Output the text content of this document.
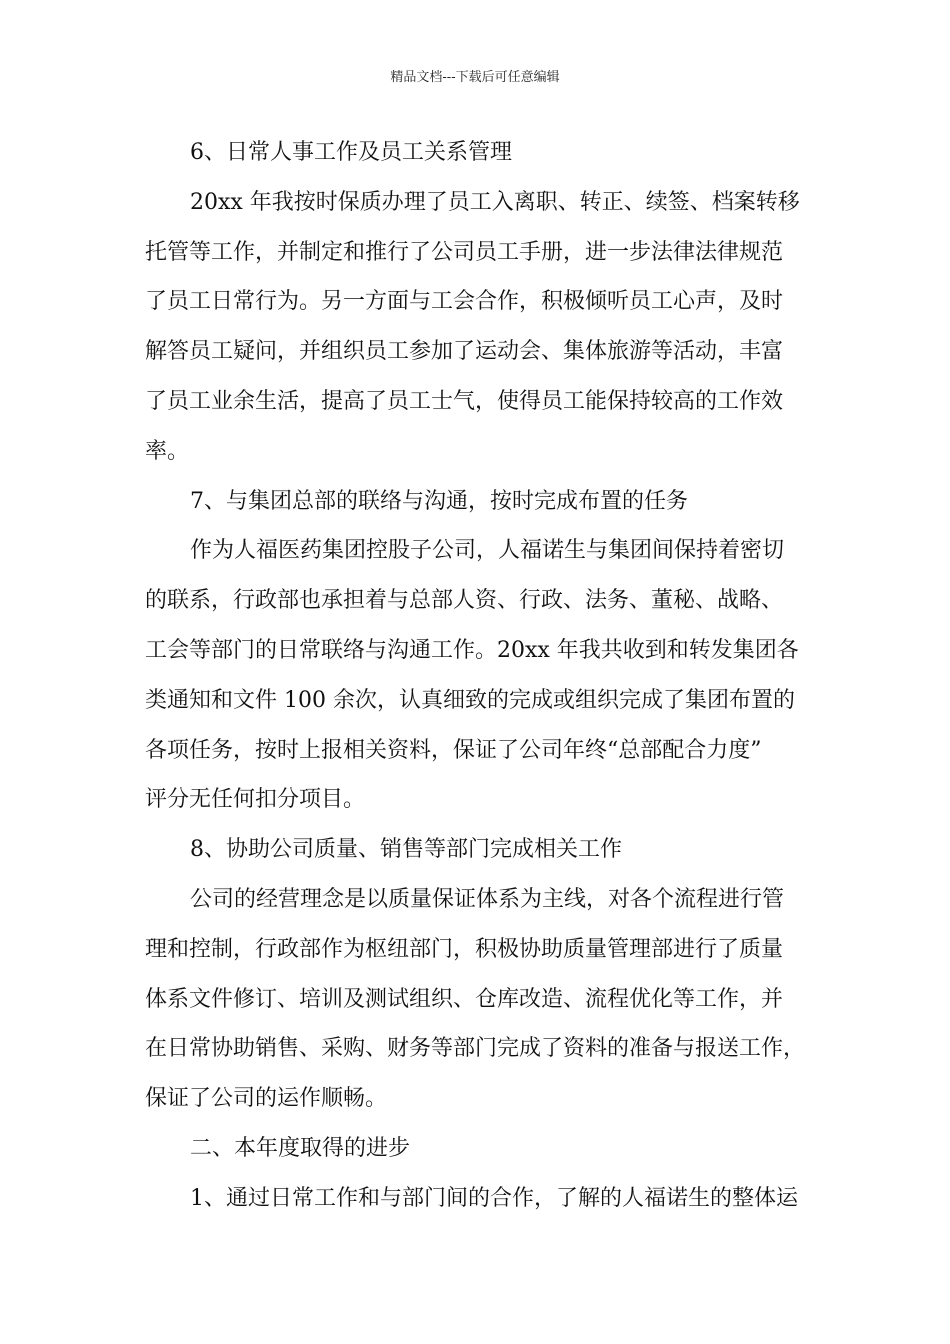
精品文档---下载后可任意编辑
6、日常人事工作及员工关系管理
20xx 年我按时保质办理了员工入离职、转正、续签、档案转移
托管等工作，并制定和推行了公司员工手册，进一步法律法律规范
了员工日常行为。另一方面与工会合作，积极倾听员工心声，及时
解答员工疑问，并组织员工参加了运动会、集体旅游等活动，丰富
了员工业余生活，提高了员工士气，使得员工能保持较高的工作效
率。
7、与集团总部的联络与沟通，按时完成布置的任务
作为人福医药集团控股子公司，人福诺生与集团间保持着密切
的联系，行政部也承担着与总部人资、行政、法务、董秘、战略、
工会等部门的日常联络与沟通工作。20xx 年我共收到和转发集团各
类通知和文件 100 余次，认真细致的完成或组织完成了集团布置的
各项任务，按时上报相关资料，保证了公司年终“总部配合力度”
评分无任何扣分项目。
8、协助公司质量、销售等部门完成相关工作
公司的经营理念是以质量保证体系为主线，对各个流程进行管
理和控制，行政部作为枢纽部门，积极协助质量管理部进行了质量
体系文件修订、培训及测试组织、仓库改造、流程优化等工作，并
在日常协助销售、采购、财务等部门完成了资料的准备与报送工作，
保证了公司的运作顺畅。
二、本年度取得的进步
1、通过日常工作和与部门间的合作，了解的人福诺生的整体运
